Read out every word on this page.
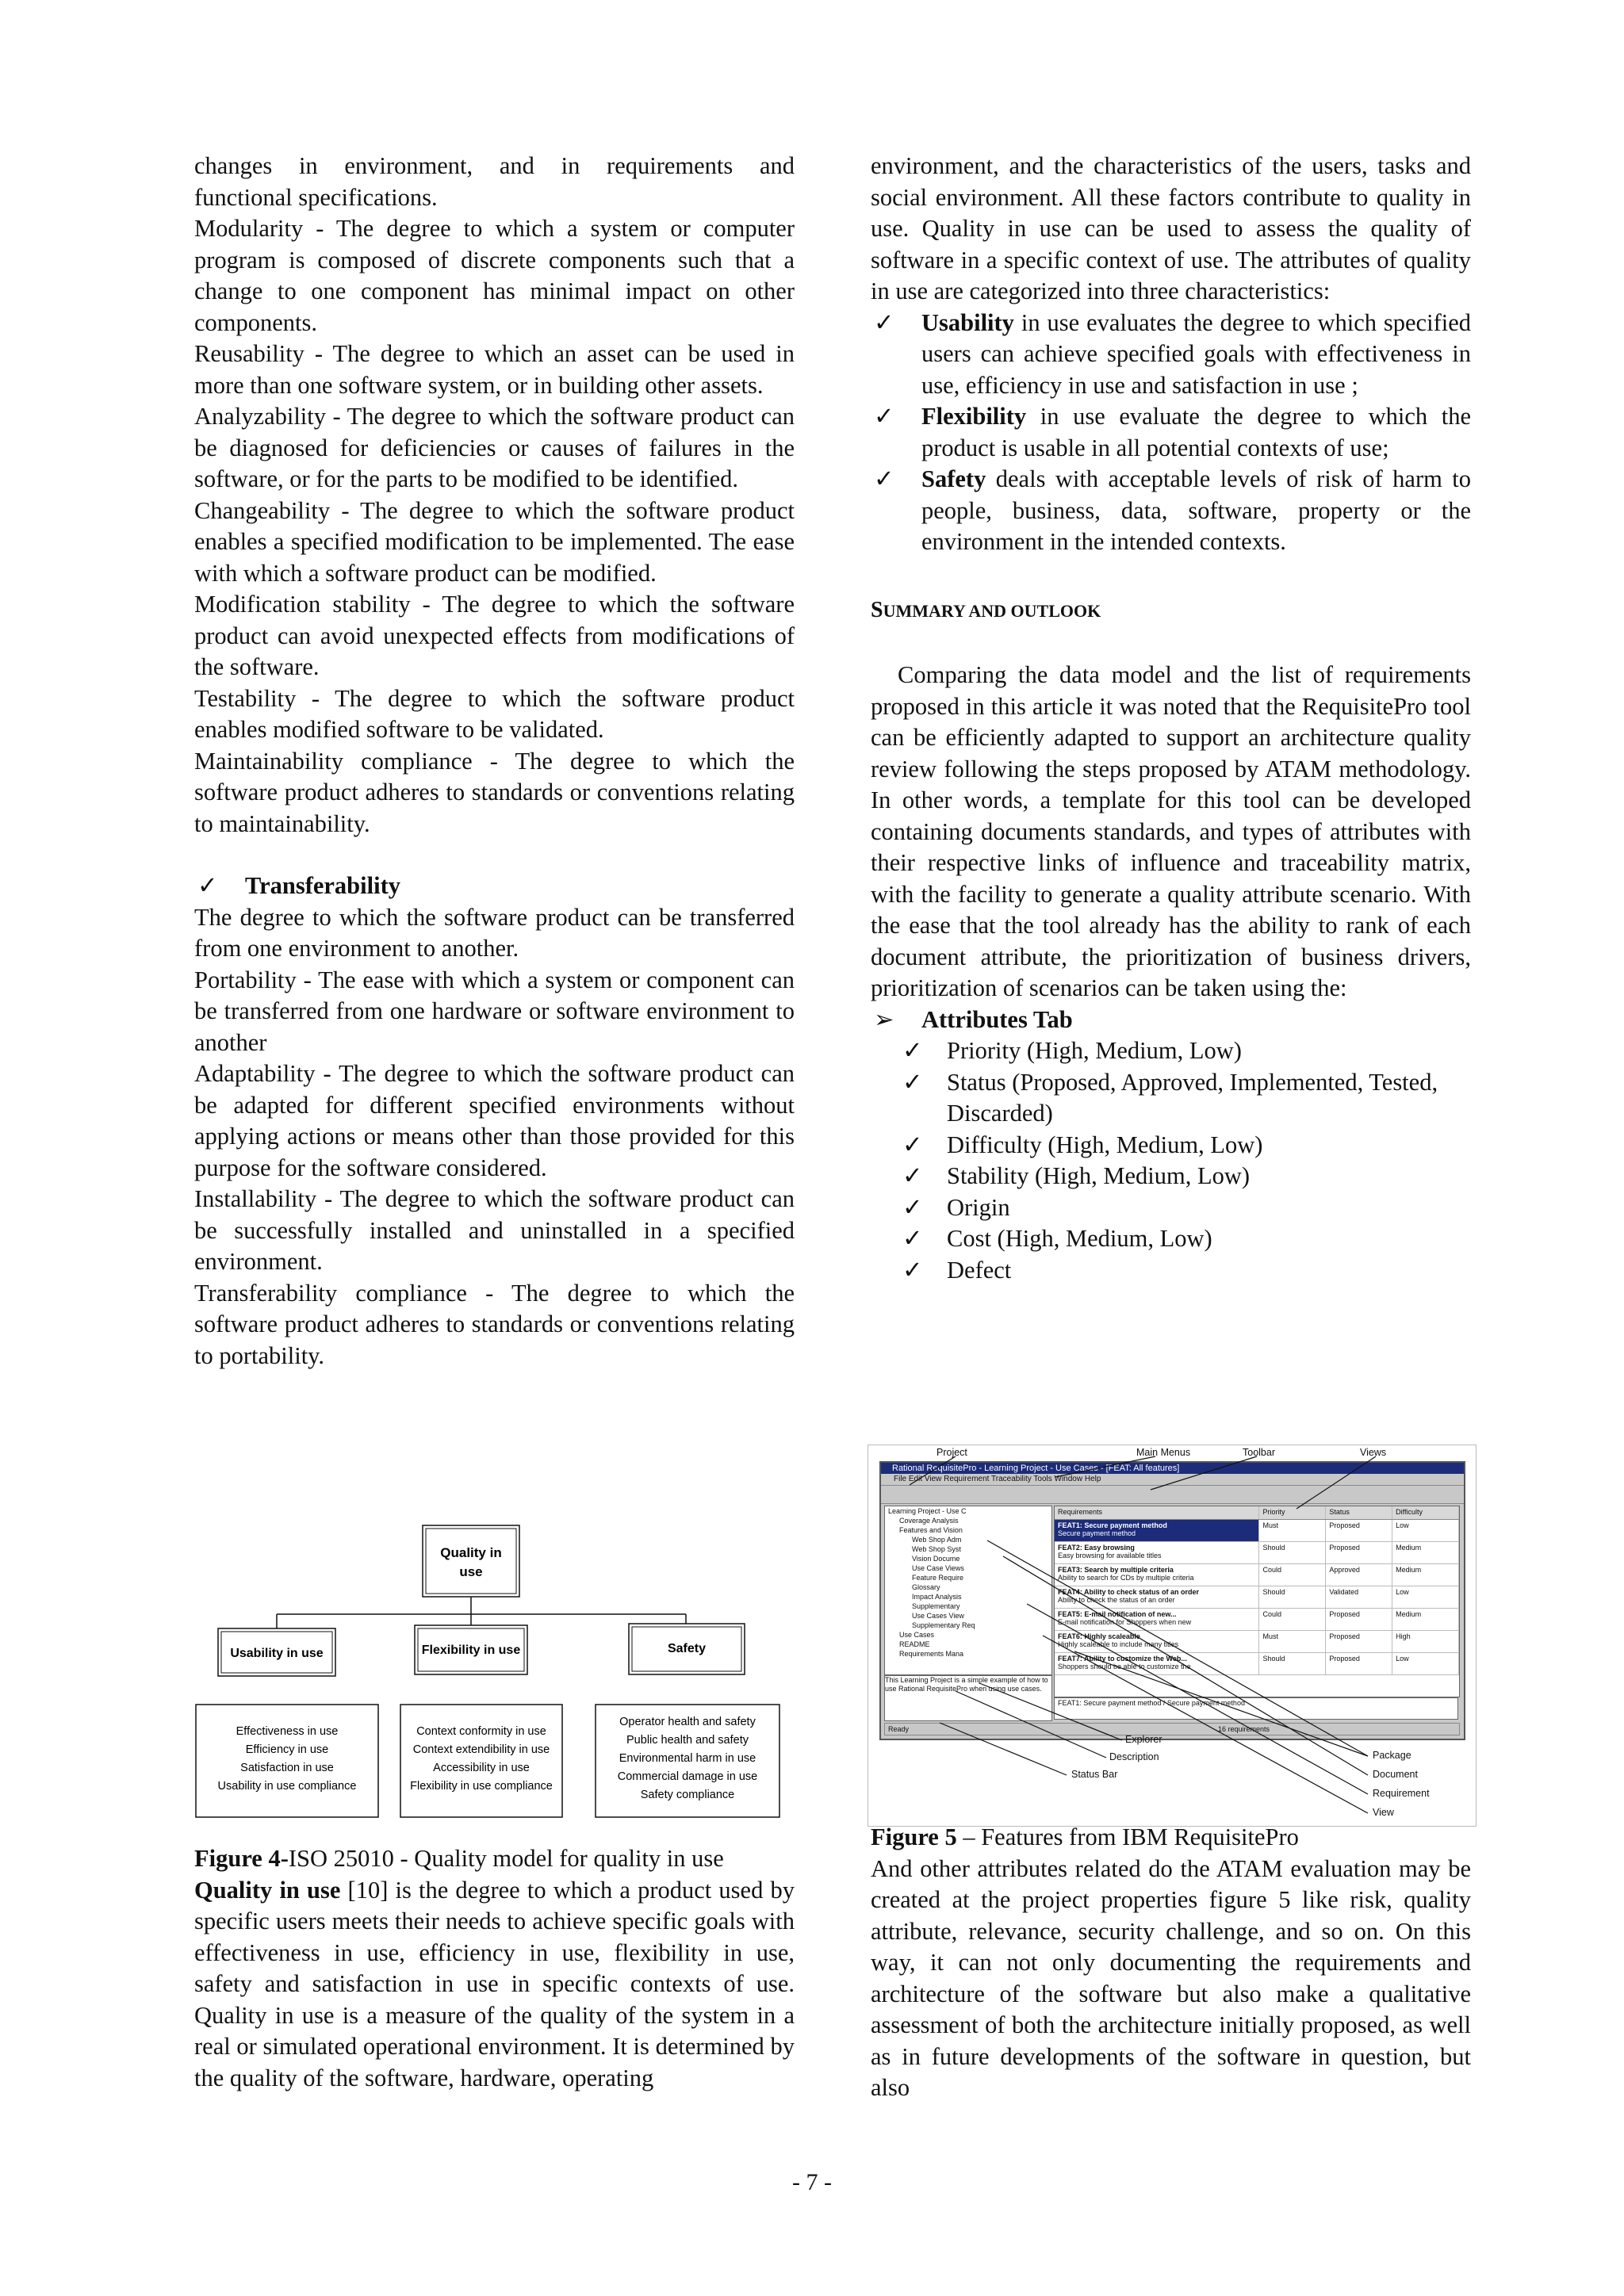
changes in environment, and in requirements and

functional specifications.

Modularity - The degree to which a system or computer program is composed of discrete components such that a change to one component has minimal impact on other components.

Reusability - The degree to which an asset can be used in more than one software system, or in building other assets.

Analyzability - The degree to which the software product can be diagnosed for deficiencies or causes of failures in the software, or for the parts to be modified to be identified.

Changeability - The degree to which the software product enables a specified modification to be implemented. The ease with which a software product can be modified.

Modification stability - The degree to which the software product can avoid unexpected effects from modifications of the software.

Testability - The degree to which the software product enables modified software to be validated.

Maintainability compliance - The degree to which the software product adheres to standards or conventions relating to maintainability.

✓ Transferability

The degree to which the software product can be transferred from one environment to another.

Portability - The ease with which a system or component can be transferred from one hardware or software environment to another

Adaptability - The degree to which the software product can be adapted for different specified environments without applying actions or means other than those provided for this purpose for the software considered.

Installability - The degree to which the software product can be successfully installed and uninstalled in a specified environment.

Transferability compliance - The degree to which the software product adheres to standards or conventions relating to portability.

Quality in
use
Usability in use	Flexibility in use	Safety
Effectiveness in use
Efficiency in use
Satisfaction in use
Usability in use compliance
Context conformity in use
Context extendibility in use
Accessibility in use
Flexibility in use compliance
Operator health and safety
Public health and safety
Environmental harm in use
Commercial damage in use
Safety compliance

Figure 4-ISO 25010 - Quality model for quality in use

Quality in use [10] is the degree to which a product used by specific users meets their needs to achieve specific goals with effectiveness in use, efficiency in use, flexibility in use, safety and satisfaction in use in specific contexts of use. Quality in use is a measure of the quality of the system in a real or simulated operational environment. It is determined by the quality of the software, hardware, operating

environment, and the characteristics of the users, tasks and social environment. All these factors contribute to quality in use. Quality in use can be used to assess the quality of software in a specific context of use. The attributes of quality in use are categorized into three characteristics:

✓ Usability in use evaluates the degree to which specified users can achieve specified goals with effectiveness in use, efficiency in use and satisfaction in use ;

✓ Flexibility in use evaluate the degree to which the product is usable in all potential contexts of use;

✓ Safety deals with acceptable levels of risk of harm to people, business, data, software, property or the environment in the intended contexts.

SUMMARY AND OUTLOOK

Comparing the data model and the list of requirements proposed in this article it was noted that the RequisitePro tool can be efficiently adapted to support an architecture quality review following the steps proposed by ATAM methodology. In other words, a template for this tool can be developed containing documents standards, and types of attributes with their respective links of influence and traceability matrix, with the facility to generate a quality attribute scenario. With the ease that the tool already has the ability to rank of each document attribute, the prioritization of business drivers, prioritization of scenarios can be taken using the:

➢ Attributes Tab

✓ Priority (High, Medium, Low)

✓ Status (Proposed, Approved, Implemented, Tested, Discarded)

✓ Difficulty (High, Medium, Low)

✓ Stability (High, Medium, Low)

✓ Origin

✓ Cost (High, Medium, Low)

✓ Defect

Project	Main Menus	Toolbar	Views
Rational RequisitePro - Learning Project - Use Cases - [FEAT: All features]
File Edit View Requirement Traceability Tools Window Help
Learning Project - Use C
Coverage Analysis
Features and Vision
Web Shop Adm
Web Shop Syst
Vision Docume
Use Case Views
Feature Require
Glossary
Impact Analysis
Supplementary
Use Cases View
Supplementary Req
Use Cases
README
Requirements Mana
This Learning Project is a simple example of how to use Rational RequisitePro when using use cases.
Requirements	Priority	Status	Difficulty
FEAT1: Secure payment method
Secure payment method
Must	Proposed	Low
FEAT2: Easy browsing
Easy browsing for available titles
Should	Proposed	Medium
FEAT3: Search by multiple criteria
Ability to search for CDs by multiple criteria
Could	Approved	Medium
FEAT4: Ability to check status of an order
Ability to check the status of an order
Should	Validated	Low
FEAT5: E-mail notification of new...
E-mail notification for Shoppers when new
Could	Proposed	Medium
FEAT6: Highly scaleable
Highly scaleable to include many titles
Must	Proposed	High
FEAT7: Ability to customize the Web...
Shoppers should be able to customize the
Should	Proposed	Low
FEAT1: Secure payment method / Secure payment method
Ready	16 requirements
Explorer
Description
Status Bar
Package
Document
Requirement
View

Figure 5 – Features from IBM RequisitePro

And other attributes related do the ATAM evaluation may be created at the project properties figure 5 like risk, quality attribute, relevance, security challenge, and so on. On this way, it can not only documenting the requirements and architecture of the software but also make a qualitative assessment of both the architecture initially proposed, as well as in future developments of the software in question, but also

- 7 -
